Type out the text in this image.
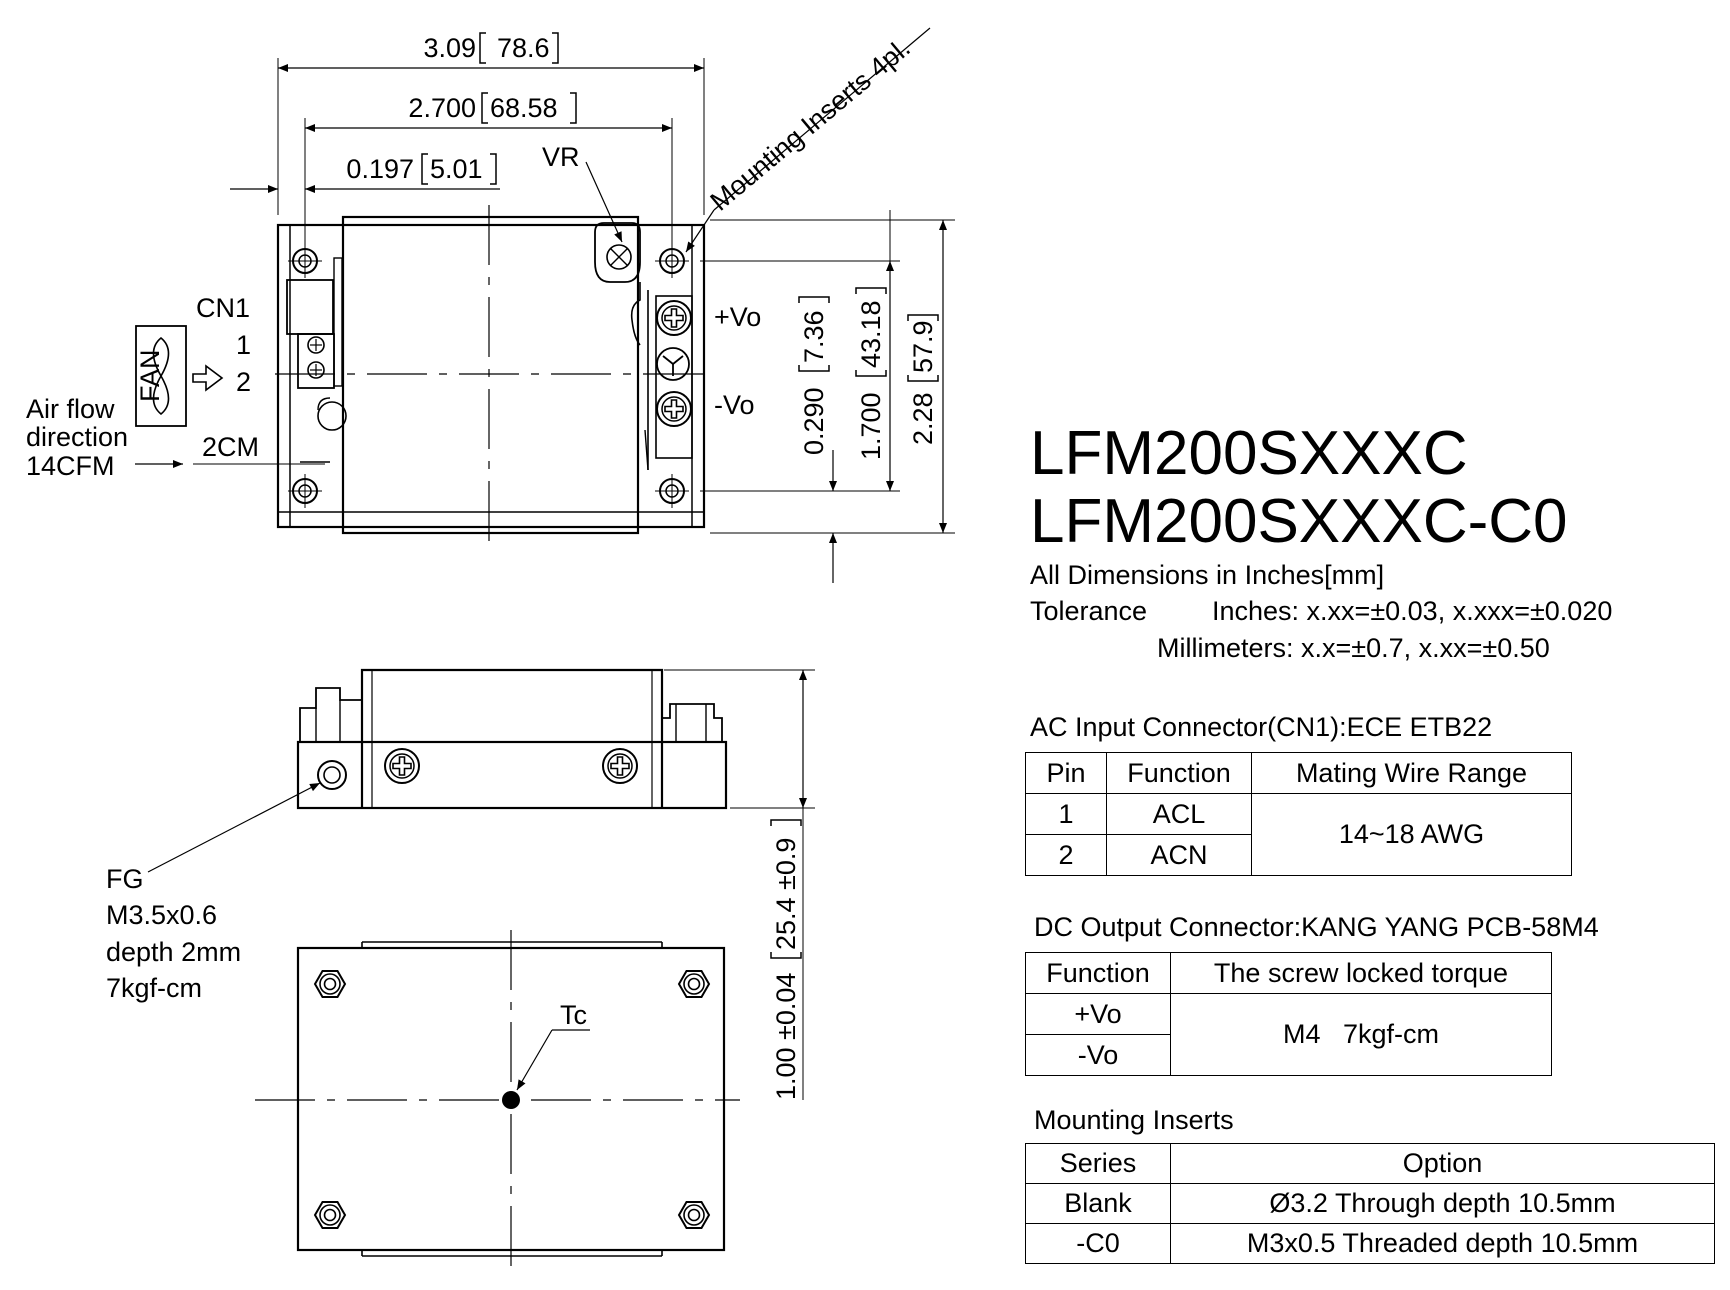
3.09 78.6
2.700 68.58
0.197 5.01 VR	Mounting Inserts 4pl.
CN1
1
2
FAN
Air flow
direction
14CFM
2CM
+Vo
-Vo 0.290
7.36
1.700
43.18
2.28
57.9
FG
M3.5x0.6
depth 2mm
7kgf-cm	1.00 ±0.04
25.4 ±0.9
Tc
LFM200SXXXC
LFM200SXXXC-C0
All Dimensions in Inches[mm]
Tolerance Inches: x.xx=±0.03, x.xxx=±0.020
Millimeters: x.x=±0.7, x.xx=±0.50
AC Input Connector(CN1):ECE ETB22
Pin	Function	Mating Wire Range
1	ACL	14~18 AWG
2	ACN	
DC Output Connector:KANG YANG PCB-58M4
Function	The screw locked torque
+Vo	M4   7kgf-cm
-Vo	
Mounting Inserts
Series	Option
Blank	Ø3.2 Through depth 10.5mm
-C0	M3x0.5 Threaded depth 10.5mm
